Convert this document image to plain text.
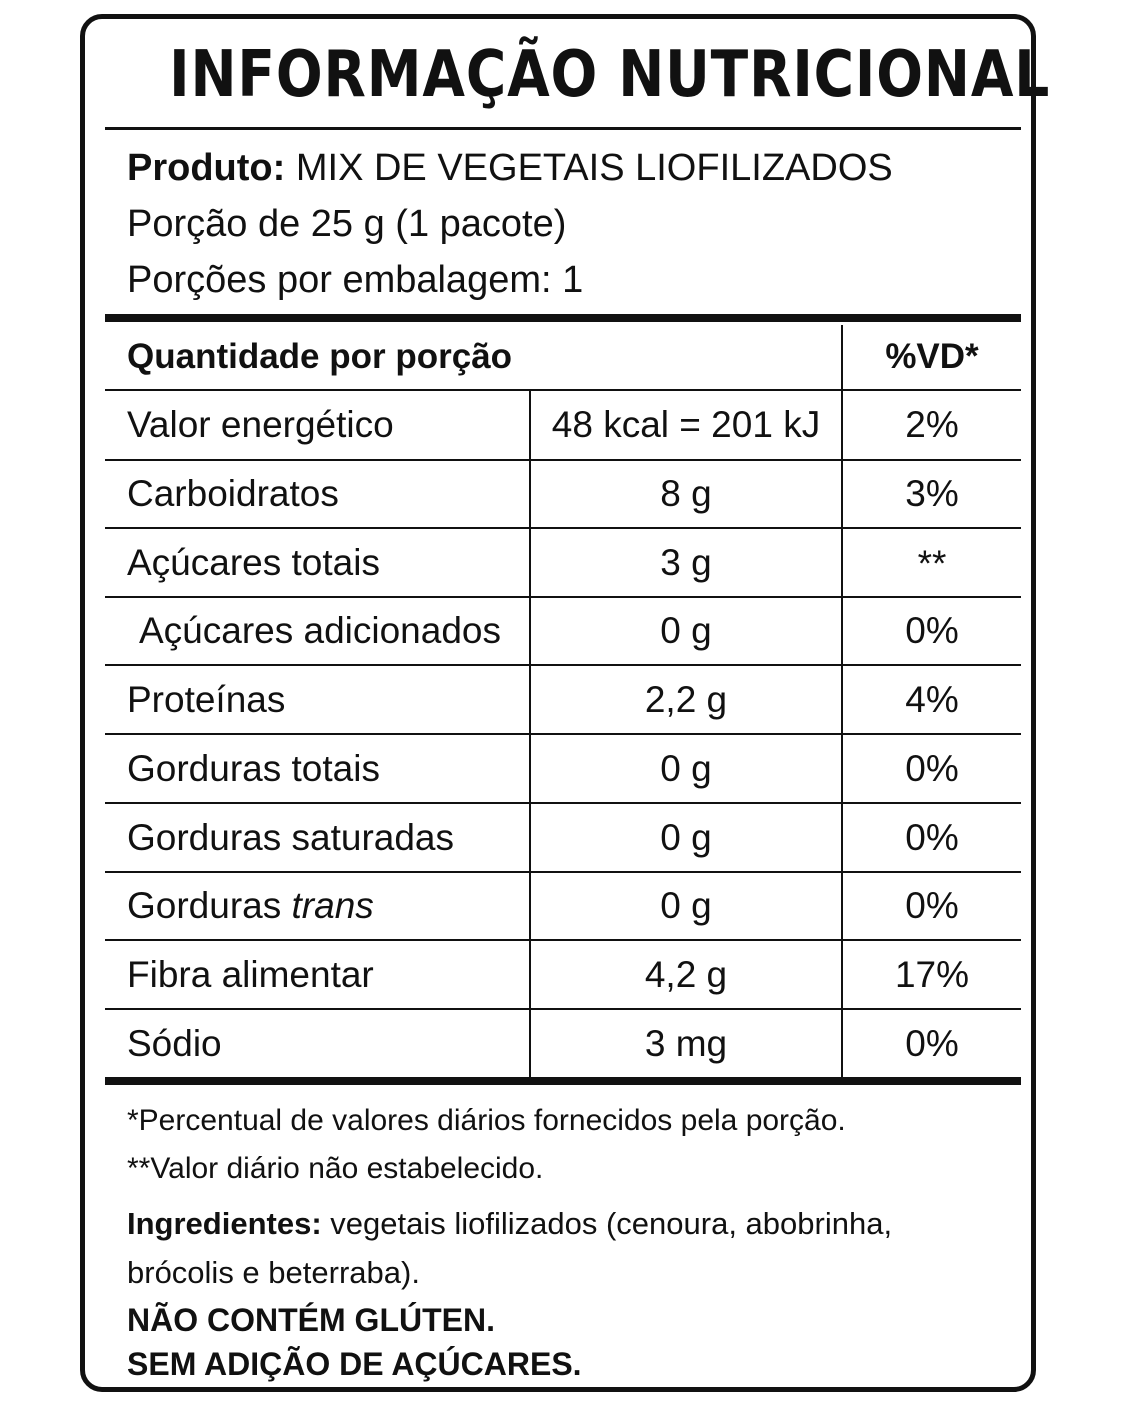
INFORMAÇÃO NUTRICIONAL
Produto: MIX DE VEGETAIS LIOFILIZADOS
Porção de 25 g (1 pacote)
Porções por embalagem: 1
Quantidade por porção	%VD*
Valor energético	48 kcal = 201 kJ	2%
Carboidratos	8 g	3%
Açúcares totais	3 g	**
Açúcares adicionados	0 g	0%
Proteínas	2,2 g	4%
Gorduras totais	0 g	0%
Gorduras saturadas	0 g	0%
Gorduras trans	0 g	0%
Fibra alimentar	4,2 g	17%
Sódio	3 mg	0%
*Percentual de valores diários fornecidos pela porção.
**Valor diário não estabelecido.
Ingredientes: vegetais liofilizados (cenoura, abobrinha,
brócolis e beterraba).
NÃO CONTÉM GLÚTEN.
SEM ADIÇÃO DE AÇÚCARES.
